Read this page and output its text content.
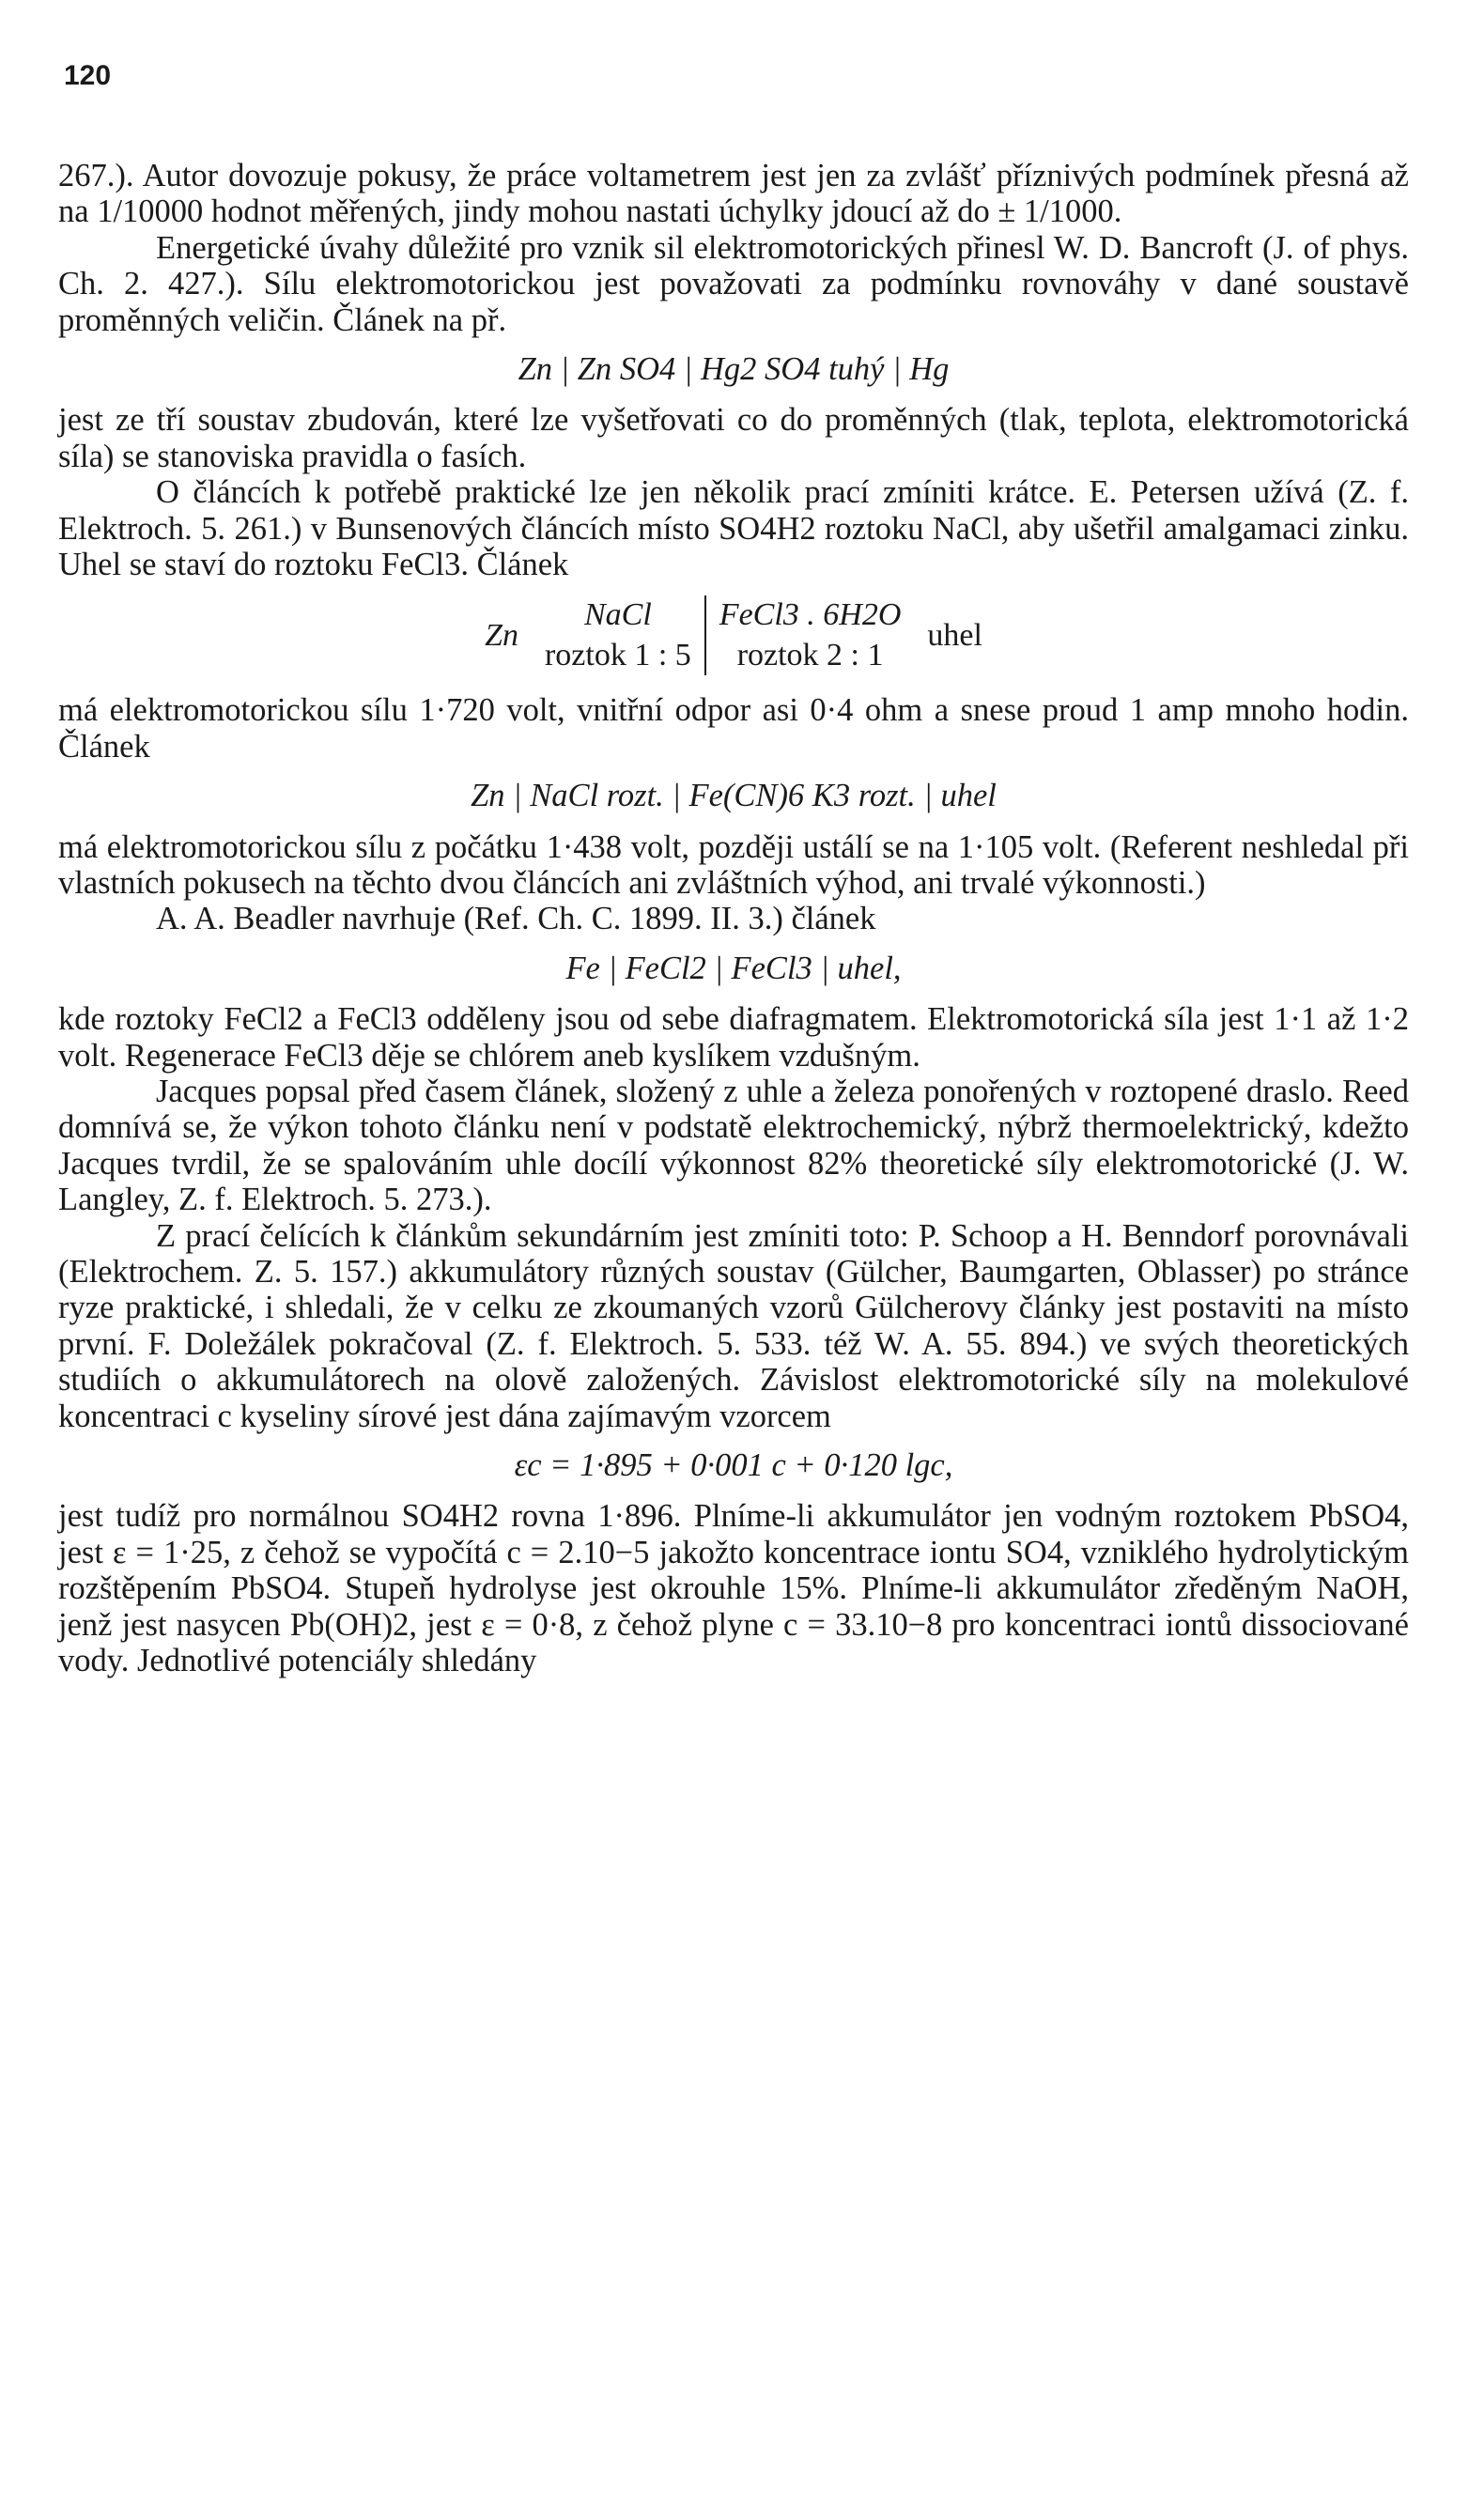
120

267.). Autor dovozuje pokusy, že práce voltametrem jest jen za zvlášť příznivých podmínek přesná až na 1/10000 hodnot měřených, jindy mohou nastati úchylky jdoucí až do ± 1/1000.

Energetické úvahy důležité pro vznik sil elektromotorických přinesl W. D. Bancroft (J. of phys. Ch. 2. 427.). Sílu elektromotorickou jest považovati za podmínku rovnováhy v dané soustavě proměnných veličin. Článek na př.

Zn | Zn SO4 | Hg2 SO4 tuhý | Hg

jest ze tří soustav zbudován, které lze vyšetřovati co do proměnných (tlak, teplota, elektromotorická síla) se stanoviska pravidla o fasích.

O článcích k potřebě praktické lze jen několik prací zmíniti krátce. E. Petersen užívá (Z. f. Elektroch. 5. 261.) v Bunsenových článcích místo SO4H2 roztoku NaCl, aby ušetřil amalgamaci zinku. Uhel se staví do roztoku FeCl3. Článek

Zn	NaCl	FeCl3 . 6H2O	uhel
	roztok 1 : 5	roztok 2 : 1	

má elektromotorickou sílu 1·720 volt, vnitřní odpor asi 0·4 ohm a snese proud 1 amp mnoho hodin. Článek

Zn | NaCl rozt. | Fe(CN)6 K3 rozt. | uhel

má elektromotorickou sílu z počátku 1·438 volt, později ustálí se na 1·105 volt. (Referent neshledal při vlastních pokusech na těchto dvou článcích ani zvláštních výhod, ani trvalé výkonnosti.)

A. A. Beadler navrhuje (Ref. Ch. C. 1899. II. 3.) článek

Fe | FeCl2 | FeCl3 | uhel,

kde roztoky FeCl2 a FeCl3 odděleny jsou od sebe diafragmatem. Elektromotorická síla jest 1·1 až 1·2 volt. Regenerace FeCl3 děje se chlórem aneb kyslíkem vzdušným.

Jacques popsal před časem článek, složený z uhle a železa ponořených v roztopené draslo. Reed domnívá se, že výkon tohoto článku není v podstatě elektrochemický, nýbrž thermoelektrický, kdežto Jacques tvrdil, že se spalováním uhle docílí výkonnost 82% theoretické síly elektromotorické (J. W. Langley, Z. f. Elektroch. 5. 273.).

Z prací čelících k článkům sekundárním jest zmíniti toto: P. Schoop a H. Benndorf porovnávali (Elektrochem. Z. 5. 157.) akkumulátory různých soustav (Gülcher, Baumgarten, Oblasser) po stránce ryze praktické, i shledali, že v celku ze zkoumaných vzorů Gülcherovy články jest postaviti na místo první. F. Doležálek pokračoval (Z. f. Elektroch. 5. 533. též W. A. 55. 894.) ve svých theoretických studiích o akkumulátorech na olově založených. Závislost elektromotorické síly na molekulové koncentraci c kyseliny sírové jest dána zajímavým vzorcem

εc = 1·895 + 0·001 c + 0·120 lgc,

jest tudíž pro normálnou SO4H2 rovna 1·896. Plníme-li akkumulátor jen vodným roztokem PbSO4, jest ε = 1·25, z čehož se vypočítá c = 2.10−5 jakožto koncentrace iontu SO4, vzniklého hydrolytickým rozštěpením PbSO4. Stupeň hydrolyse jest okrouhle 15%. Plníme-li akkumulátor zředěným NaOH, jenž jest nasycen Pb(OH)2, jest ε = 0·8, z čehož plyne c = 33.10−8 pro koncentraci iontů dissociované vody. Jednotlivé potenciály shledány
